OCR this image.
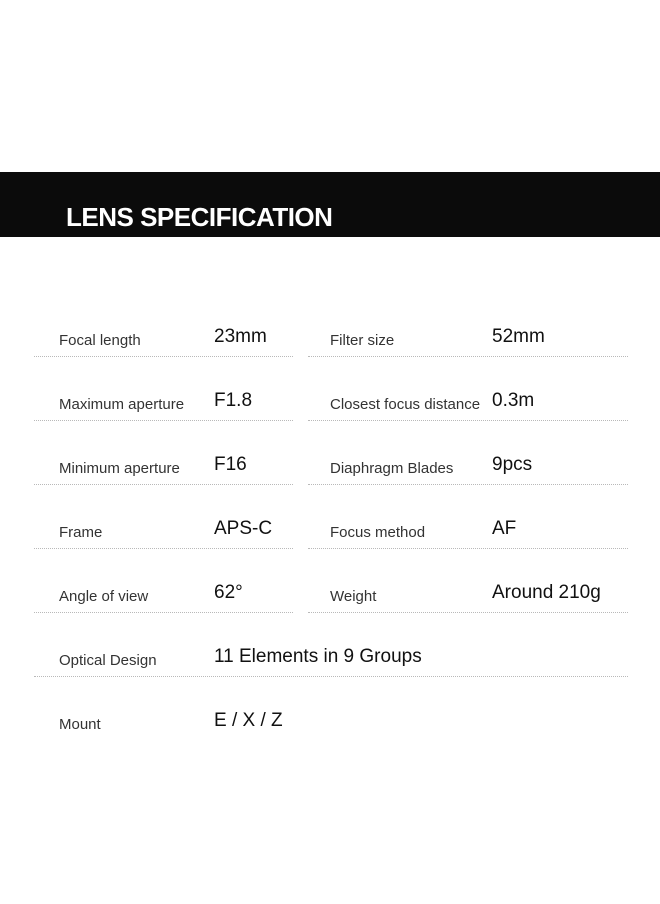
LENS SPECIFICATION
Focal length	23mm	Filter size	52mm
Maximum aperture F1.8	Closest focus distance 0.3m
Minimum aperture F16	Diaphragm Blades 9pcs
Frame	APS-C	Focus method	AF
Angle of view	62°	Weight	Around 210g
Optical Design	11 Elements in 9 Groups
Mount	E / X / Z
